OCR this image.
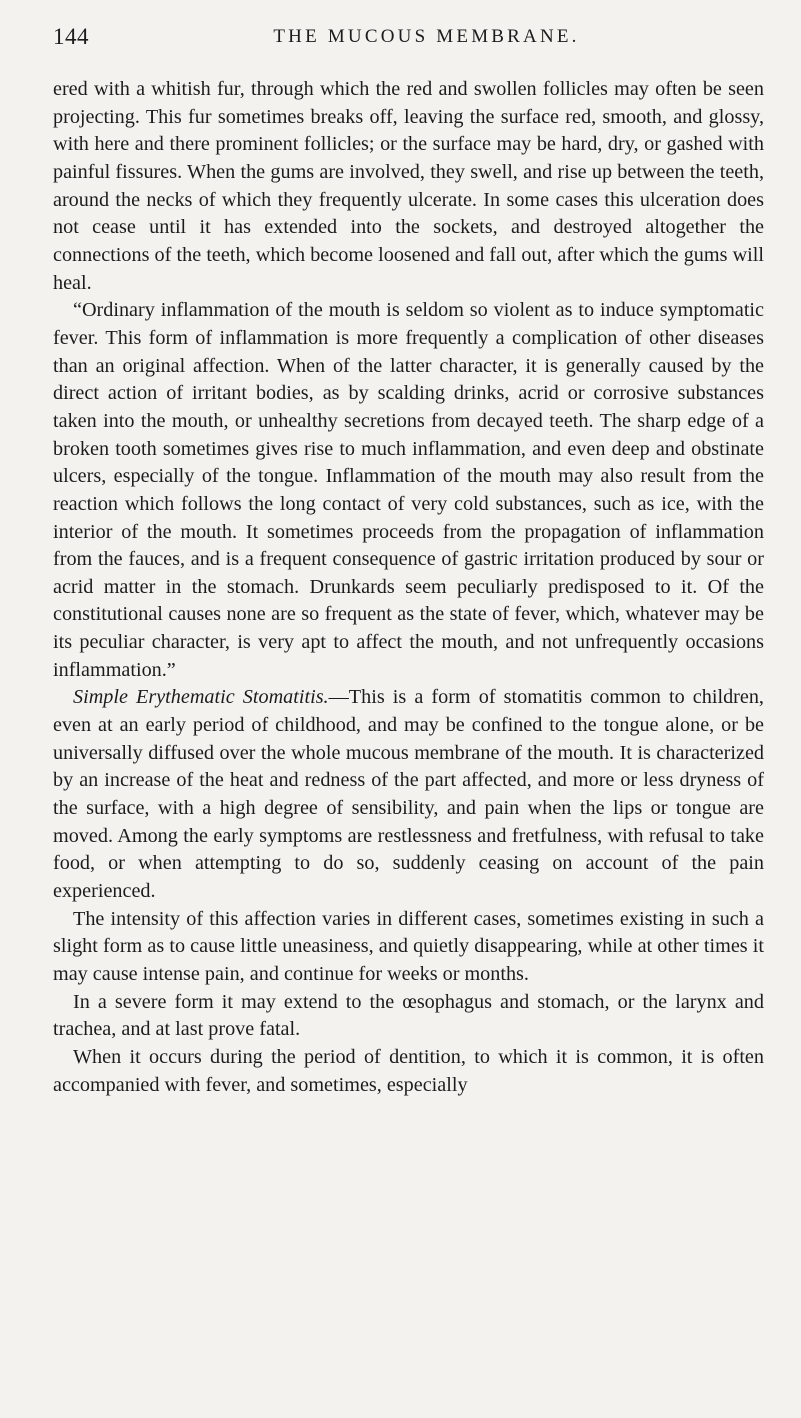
144	THE MUCOUS MEMBRANE.

ered with a whitish fur, through which the red and swollen follicles may often be seen projecting. This fur sometimes breaks off, leaving the surface red, smooth, and glossy, with here and there prominent follicles; or the surface may be hard, dry, or gashed with painful fissures. When the gums are involved, they swell, and rise up between the teeth, around the necks of which they frequently ulcerate. In some cases this ulceration does not cease until it has extended into the sockets, and destroyed altogether the connections of the teeth, which become loosened and fall out, after which the gums will heal.

“Ordinary inflammation of the mouth is seldom so violent as to induce symptomatic fever. This form of inflammation is more frequently a complication of other diseases than an original affection. When of the latter character, it is generally caused by the direct action of irritant bodies, as by scalding drinks, acrid or corrosive substances taken into the mouth, or unhealthy secretions from decayed teeth. The sharp edge of a broken tooth sometimes gives rise to much inflammation, and even deep and obstinate ulcers, especially of the tongue. Inflammation of the mouth may also result from the reaction which follows the long contact of very cold substances, such as ice, with the interior of the mouth. It sometimes proceeds from the propagation of inflammation from the fauces, and is a frequent consequence of gastric irritation produced by sour or acrid matter in the stomach. Drunkards seem peculiarly predisposed to it. Of the constitutional causes none are so frequent as the state of fever, which, whatever may be its peculiar character, is very apt to affect the mouth, and not unfrequently occasions inflammation.”

Simple Erythematic Stomatitis.—This is a form of stomatitis common to children, even at an early period of childhood, and may be confined to the tongue alone, or be universally diffused over the whole mucous membrane of the mouth. It is characterized by an increase of the heat and redness of the part affected, and more or less dryness of the surface, with a high degree of sensibility, and pain when the lips or tongue are moved. Among the early symptoms are restlessness and fretfulness, with refusal to take food, or when attempting to do so, suddenly ceasing on account of the pain experienced.

The intensity of this affection varies in different cases, sometimes existing in such a slight form as to cause little uneasiness, and quietly disappearing, while at other times it may cause intense pain, and continue for weeks or months.

In a severe form it may extend to the œsophagus and stomach, or the larynx and trachea, and at last prove fatal.

When it occurs during the period of dentition, to which it is common, it is often accompanied with fever, and sometimes, especially
